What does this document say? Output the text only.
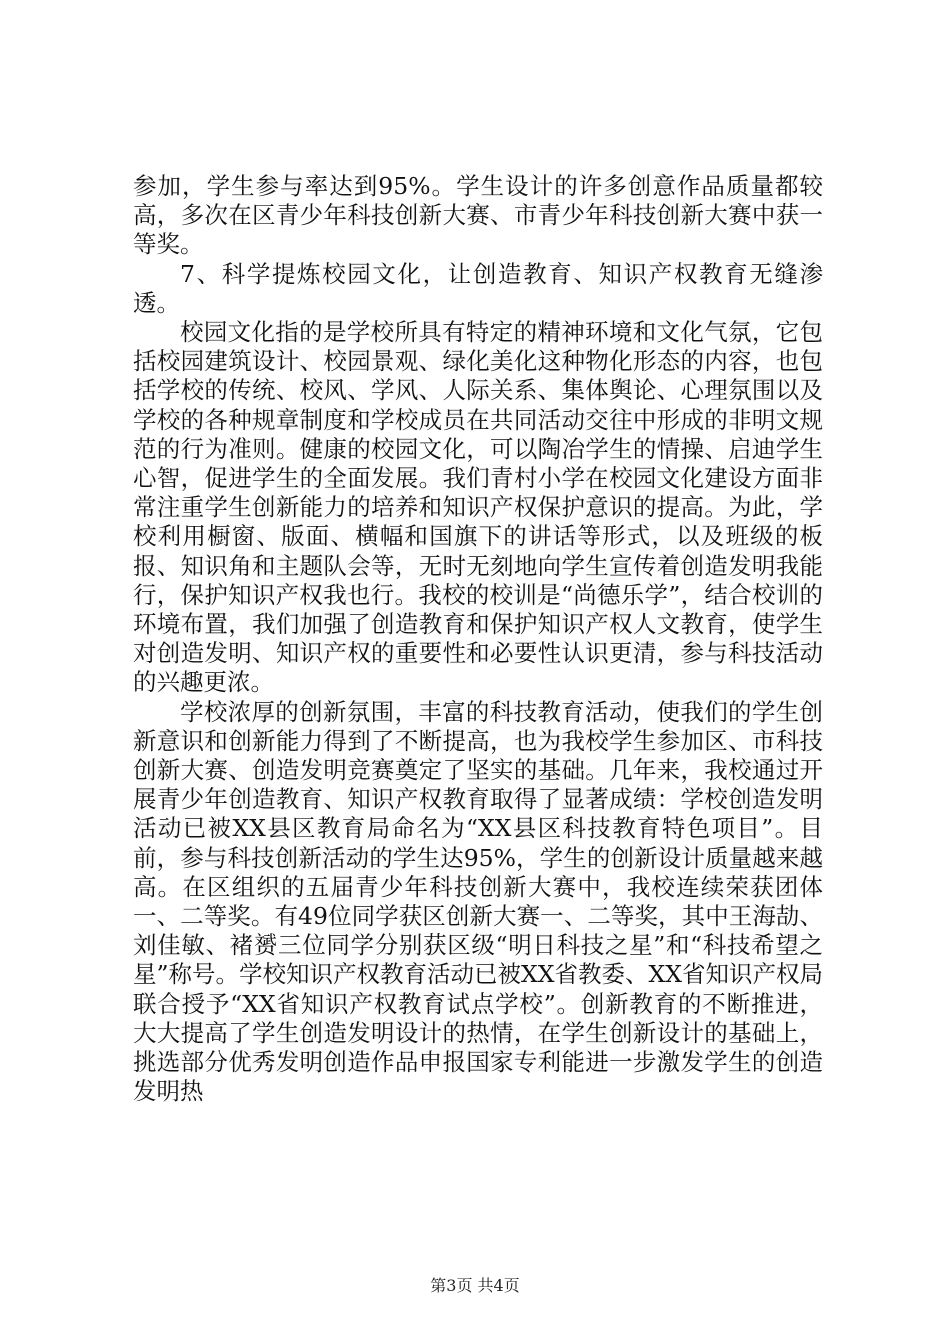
参加，学生参与率达到95%。学生设计的许多创意作品质量都较高，多次在区青少年科技创新大赛、市青少年科技创新大赛中获一等奖。

7、科学提炼校园文化，让创造教育、知识产权教育无缝渗透。

校园文化指的是学校所具有特定的精神环境和文化气氛，它包括校园建筑设计、校园景观、绿化美化这种物化形态的内容，也包括学校的传统、校风、学风、人际关系、集体舆论、心理氛围以及学校的各种规章制度和学校成员在共同活动交往中形成的非明文规范的行为准则。健康的校园文化，可以陶冶学生的情操、启迪学生心智，促进学生的全面发展。我们青村小学在校园文化建设方面非常注重学生创新能力的培养和知识产权保护意识的提高。为此，学校利用橱窗、版面、横幅和国旗下的讲话等形式，以及班级的板报、知识角和主题队会等，无时无刻地向学生宣传着创造发明我能行，保护知识产权我也行。我校的校训是“尚德乐学”，结合校训的环境布置，我们加强了创造教育和保护知识产权人文教育，使学生对创造发明、知识产权的重要性和必要性认识更清，参与科技活动的兴趣更浓。

学校浓厚的创新氛围，丰富的科技教育活动，使我们的学生创新意识和创新能力得到了不断提高，也为我校学生参加区、市科技创新大赛、创造发明竞赛奠定了坚实的基础。几年来，我校通过开展青少年创造教育、知识产权教育取得了显著成绩：学校创造发明活动已被XX县区教育局命名为“XX县区科技教育特色项目”。目前，参与科技创新活动的学生达95%，学生的创新设计质量越来越高。在区组织的五届青少年科技创新大赛中，我校连续荣获团体一、二等奖。有49位同学获区创新大赛一、二等奖，其中王海劼、刘佳敏、褚赟三位同学分别获区级“明日科技之星”和“科技希望之星”称号。学校知识产权教育活动已被XX省教委、XX省知识产权局联合授予“XX省知识产权教育试点学校”。创新教育的不断推进，大大提高了学生创造发明设计的热情，在学生创新设计的基础上，挑选部分优秀发明创造作品申报国家专利能进一步激发学生的创造发明热

第3页 共4页
